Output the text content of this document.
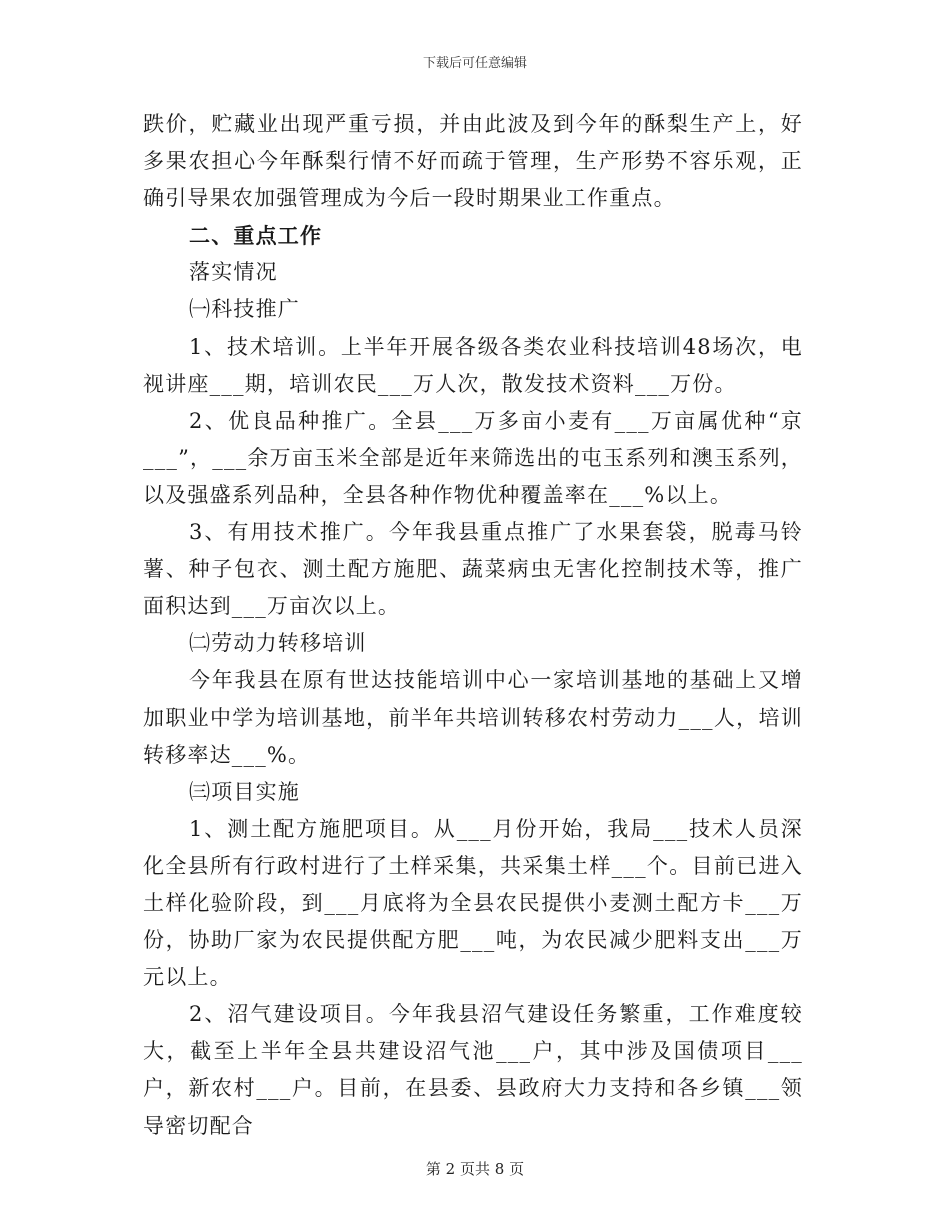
下载后可任意编辑

跌价，贮藏业出现严重亏损，并由此波及到今年的酥梨生产上，好多果农担心今年酥梨行情不好而疏于管理，生产形势不容乐观，正确引导果农加强管理成为今后一段时期果业工作重点。

二、重点工作

落实情况

㈠科技推广

1、技术培训。上半年开展各级各类农业科技培训48场次，电视讲座___期，培训农民___万人次，散发技术资料___万份。

2、优良品种推广。全县___万多亩小麦有___万亩属优种“京___”，___余万亩玉米全部是近年来筛选出的屯玉系列和澳玉系列，以及强盛系列品种，全县各种作物优种覆盖率在___%以上。

3、有用技术推广。今年我县重点推广了水果套袋，脱毒马铃薯、种子包衣、测土配方施肥、蔬菜病虫无害化控制技术等，推广面积达到___万亩次以上。

㈡劳动力转移培训

今年我县在原有世达技能培训中心一家培训基地的基础上又增加职业中学为培训基地，前半年共培训转移农村劳动力___人，培训转移率达___%。

㈢项目实施

1、测土配方施肥项目。从___月份开始，我局___技术人员深化全县所有行政村进行了土样采集，共采集土样___个。目前已进入土样化验阶段，到___月底将为全县农民提供小麦测土配方卡___万份，协助厂家为农民提供配方肥___吨，为农民减少肥料支出___万元以上。

2、沼气建设项目。今年我县沼气建设任务繁重，工作难度较大，截至上半年全县共建设沼气池___户，其中涉及国债项目___户，新农村___户。目前，在县委、县政府大力支持和各乡镇___领导密切配合

第 2 页共 8 页
